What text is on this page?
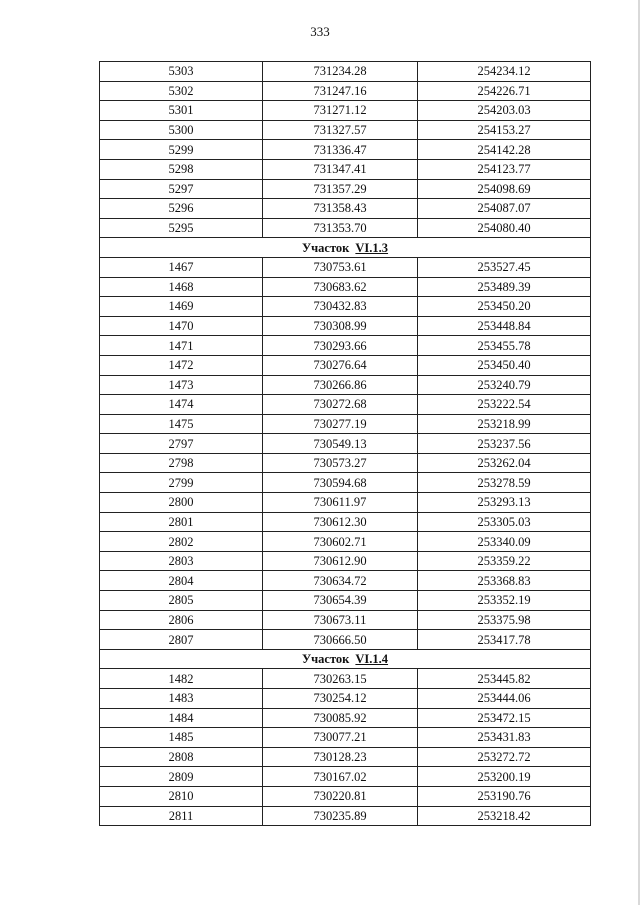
333
5303	731234.28	254234.12
5302	731247.16	254226.71
5301	731271.12	254203.03
5300	731327.57	254153.27
5299	731336.47	254142.28
5298	731347.41	254123.77
5297	731357.29	254098.69
5296	731358.43	254087.07
5295	731353.70	254080.40
Участок VI.1.3		
1467	730753.61	253527.45
1468	730683.62	253489.39
1469	730432.83	253450.20
1470	730308.99	253448.84
1471	730293.66	253455.78
1472	730276.64	253450.40
1473	730266.86	253240.79
1474	730272.68	253222.54
1475	730277.19	253218.99
2797	730549.13	253237.56
2798	730573.27	253262.04
2799	730594.68	253278.59
2800	730611.97	253293.13
2801	730612.30	253305.03
2802	730602.71	253340.09
2803	730612.90	253359.22
2804	730634.72	253368.83
2805	730654.39	253352.19
2806	730673.11	253375.98
2807	730666.50	253417.78
Участок VI.1.4		
1482	730263.15	253445.82
1483	730254.12	253444.06
1484	730085.92	253472.15
1485	730077.21	253431.83
2808	730128.23	253272.72
2809	730167.02	253200.19
2810	730220.81	253190.76
2811	730235.89	253218.42
